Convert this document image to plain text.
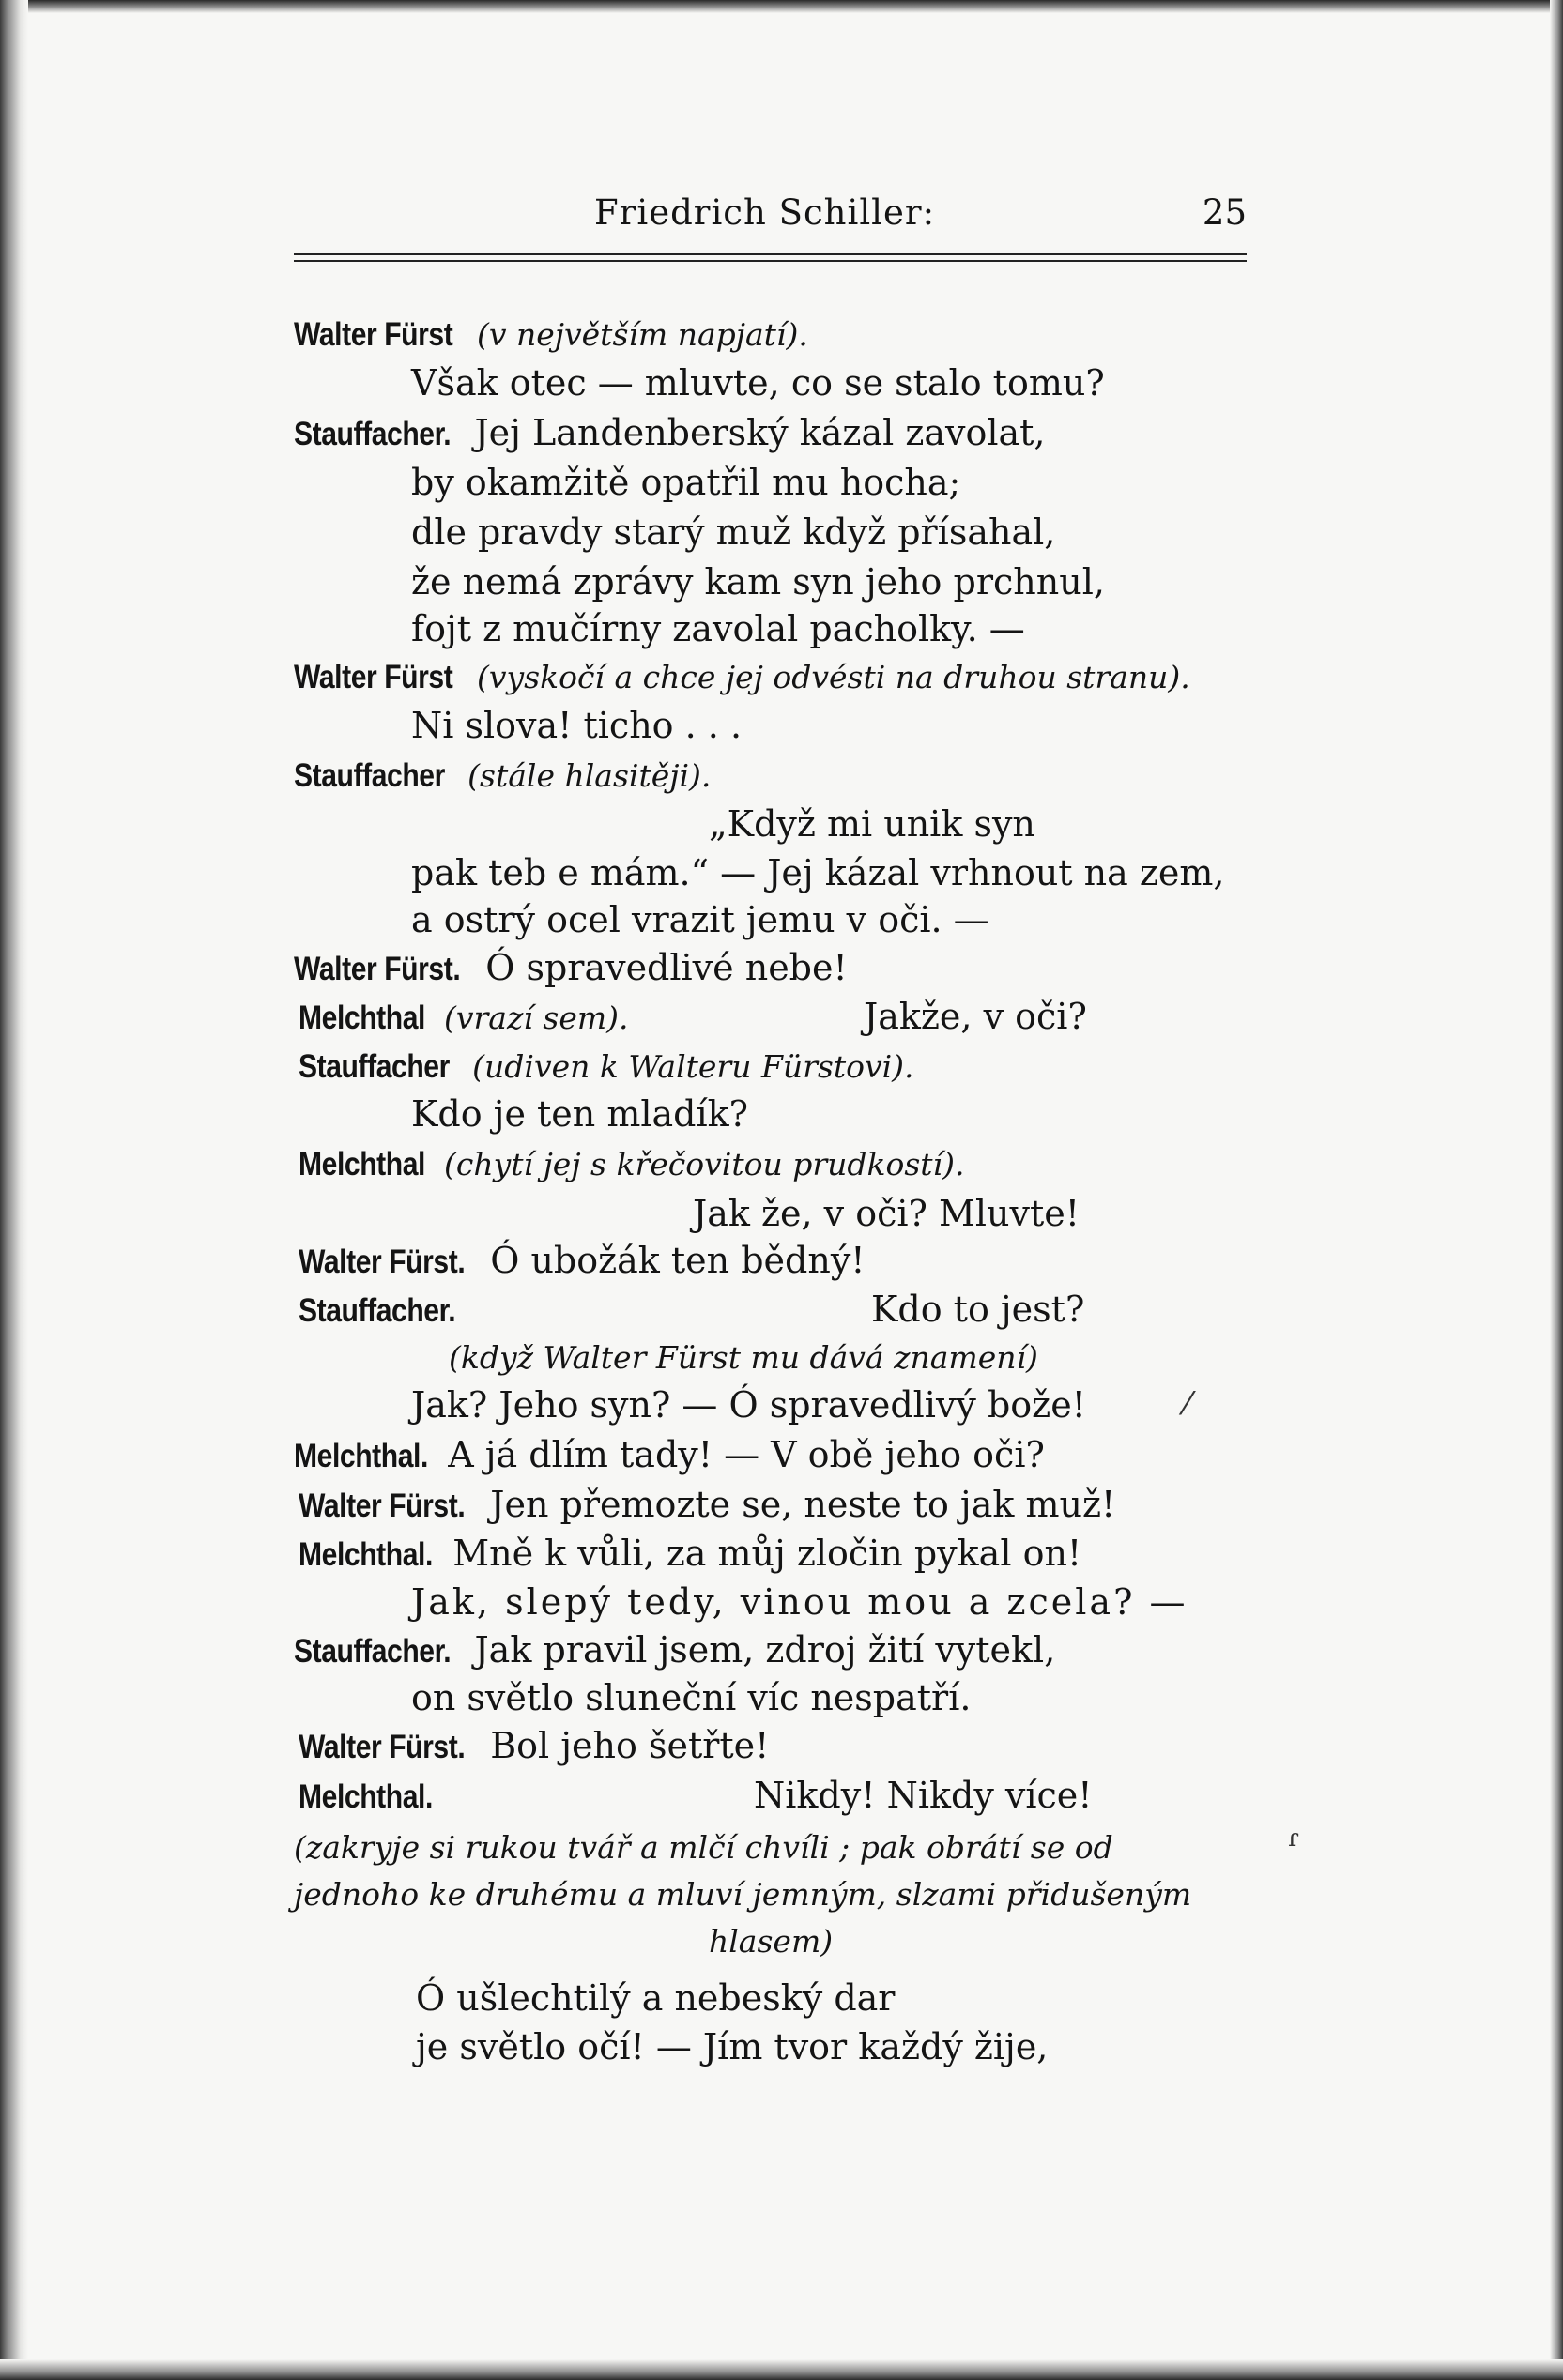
Friedrich Schiller:	25
Walter Fürst (v největším napjatí).
Však otec — mluvte, co se stalo tomu?
Stauffacher. Jej Landenberský kázal zavolat,
by okamžitě opatřil mu hocha;
dle pravdy starý muž když přísahal,
že nemá zprávy kam syn jeho prchnul,
fojt z mučírny zavolal pacholky. —
Walter Fürst (vyskočí a chce jej odvésti na druhou stranu).
Ni slova! ticho . . .
Stauffacher (stále hlasitěji).
„Když mi unik syn
pak teb e mám.“ — Jej kázal vrhnout na zem,
a ostrý ocel vrazit jemu v oči. —
Walter Fürst. Ó spravedlivé nebe!
Melchthal (vrazí sem).	Jakže, v oči?
Stauffacher (udiven k Walteru Fürstovi).
Kdo je ten mladík?
Melchthal (chytí jej s křečovitou prudkostí).
Jak že, v oči? Mluvte!
Walter Fürst. Ó ubožák ten bědný!
Stauffacher.	Kdo to jest?
(když Walter Fürst mu dává znamení)
Jak? Jeho syn? — Ó spravedlivý bože!	⁄
Melchthal. A já dlím tady! — V obě jeho oči?
Walter Fürst. Jen přemozte se, neste to jak muž!
Melchthal. Mně k vůli, za můj zločin pykal on!
Jak, slepý tedy, vinou mou a zcela? —
Stauffacher. Jak pravil jsem, zdroj žití vytekl,
on světlo sluneční víc nespatří.
Walter Fürst. Bol jeho šetřte!
Melchthal.	Nikdy! Nikdy více!
(zakryje si rukou tvář a mlčí chvíli ; pak obrátí se od	ɾ
jednoho ke druhému a mluví jemným, slzami přidušeným
hlasem)
Ó ušlechtilý a nebeský dar
je světlo očí! — Jím tvor každý žije,
